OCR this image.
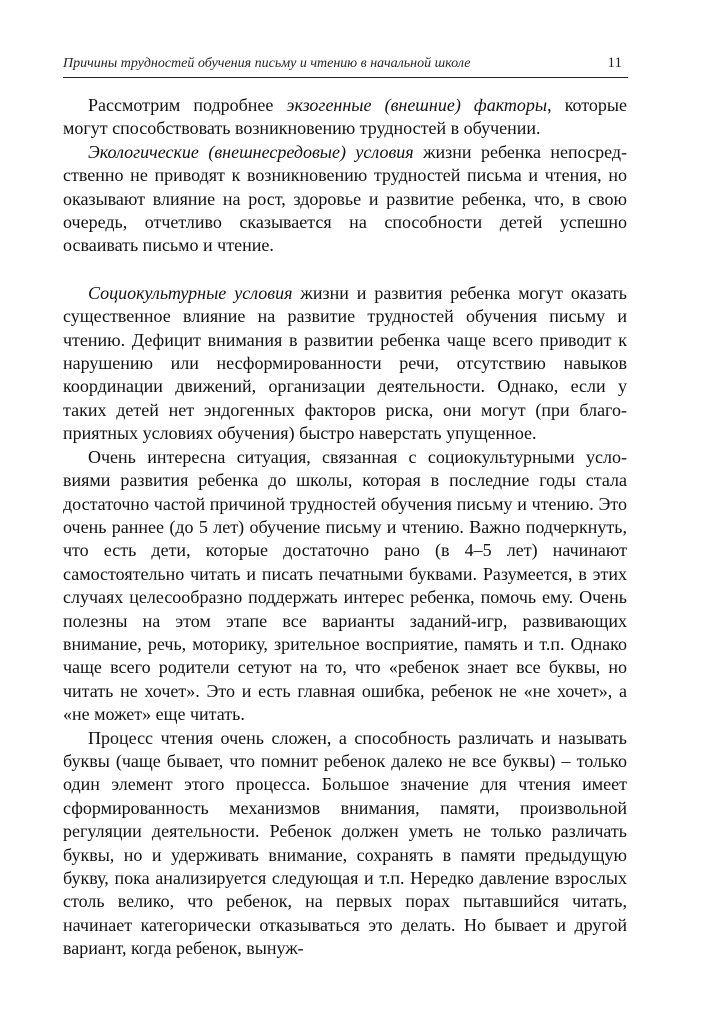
Причины трудностей обучения письму и чтению в начальной школе	11

Рассмотрим подробнее экзогенные (внешние) факторы, которые могут способствовать возникновению трудностей в обучении.

Экологические (внешнесредовые) условия жизни ребенка непосредственно не приводят к возникновению трудностей письма и чтения, но оказывают влияние на рост, здоровье и развитие ребенка, что, в свою очередь, отчетливо сказывается на способности детей успешно осваивать письмо и чтение.

Социокультурные условия жизни и развития ребенка могут оказать существенное влияние на развитие трудностей обучения письму и чтению. Дефицит внимания в развитии ребенка чаще всего приводит к нарушению или несформированности речи, отсутствию навыков координации движений, организации деятельности. Однако, если у таких детей нет эндогенных факторов риска, они могут (при благоприятных условиях обучения) быстро наверстать упущенное.

Очень интересна ситуация, связанная с социокультурными условиями развития ребенка до школы, которая в последние годы стала достаточно частой причиной трудностей обучения письму и чтению. Это очень раннее (до 5 лет) обучение письму и чтению. Важно подчеркнуть, что есть дети, которые достаточно рано (в 4–5 лет) начинают самостоятельно читать и писать печатными буквами. Разумеется, в этих случаях целесообразно поддержать интерес ребенка, помочь ему. Очень полезны на этом этапе все варианты заданий-игр, развивающих внимание, речь, моторику, зрительное восприятие, память и т.п. Однако чаще всего родители сетуют на то, что «ребенок знает все буквы, но читать не хочет». Это и есть главная ошибка, ребенок не «не хочет», а «не может» еще читать.

Процесс чтения очень сложен, а способность различать и называть буквы (чаще бывает, что помнит ребенок далеко не все буквы) – только один элемент этого процесса. Большое значение для чтения имеет сформированность механизмов внимания, памяти, произвольной регуляции деятельности. Ребенок должен уметь не только различать буквы, но и удерживать внимание, сохранять в памяти предыдущую букву, пока анализируется следующая и т.п. Нередко давление взрослых столь велико, что ребенок, на первых порах пытавшийся читать, начинает категорически отказываться это делать. Но бывает и другой вариант, когда ребенок, вынуж-
